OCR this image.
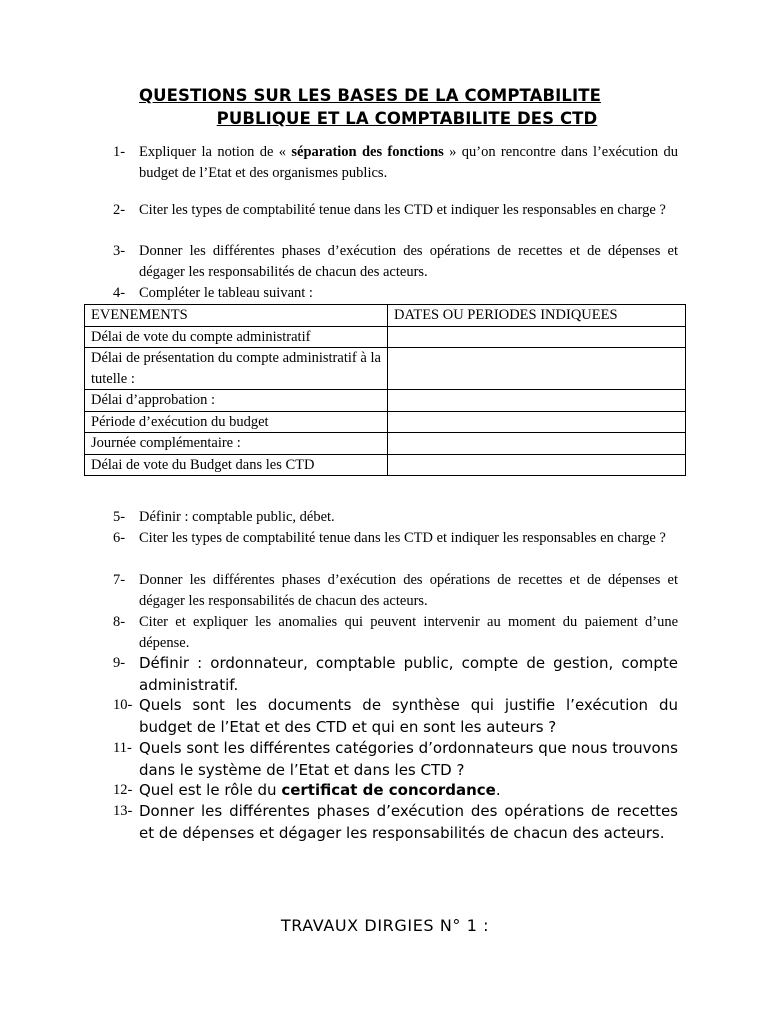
QUESTIONS SUR LES BASES DE LA COMPTABILITE
PUBLIQUE ET LA COMPTABILITE DES CTD
1- Expliquer la notion de « séparation des fonctions » qu’on rencontre dans l’exécution du budget de l’Etat et des organismes publics.
2- Citer les types de comptabilité tenue dans les CTD et indiquer les responsables en charge ?
3- Donner les différentes phases d’exécution des opérations de recettes et de dépenses et dégager les responsabilités de chacun des acteurs.
4- Compléter le tableau suivant :
EVENEMENTS	DATES OU PERIODES INDIQUEES
Délai de vote du compte administratif	
Délai de présentation du compte administratif à la tutelle :	
Délai d’approbation :	
Période d’exécution du budget	
Journée complémentaire :	
Délai de vote du Budget dans les CTD	
5- Définir : comptable public, débet.
6- Citer les types de comptabilité tenue dans les CTD et indiquer les responsables en charge ?
7- Donner les différentes phases d’exécution des opérations de recettes et de dépenses et dégager les responsabilités de chacun des acteurs.
8- Citer et expliquer les anomalies qui peuvent intervenir au moment du paiement d’une dépense.
9- Définir : ordonnateur, comptable public, compte de gestion, compte administratif.
10- Quels sont les documents de synthèse qui justifie l’exécution du budget de l’Etat et des CTD et qui en sont les auteurs ?
11- Quels sont les différentes catégories d’ordonnateurs que nous trouvons dans le système de l’Etat et dans les CTD ?
12- Quel est le rôle du certificat de concordance.
13- Donner les différentes phases d’exécution des opérations de recettes et de dépenses et dégager les responsabilités de chacun des acteurs.
TRAVAUX DIRGIES N° 1 :
